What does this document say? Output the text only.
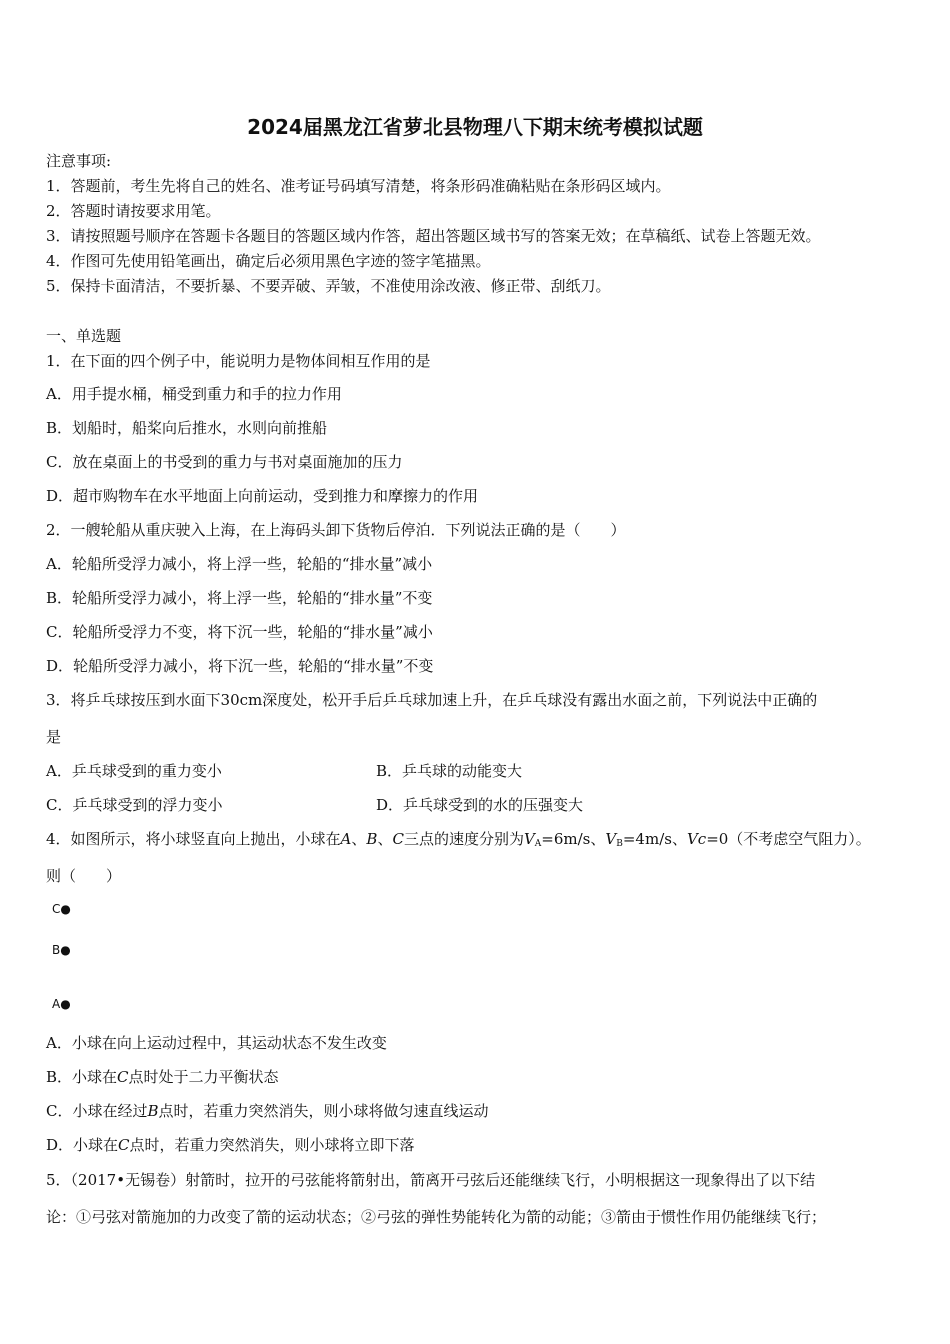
2024届黑龙江省萝北县物理八下期末统考模拟试题
注意事项:
1．答题前，考生先将自己的姓名、准考证号码填写清楚，将条形码准确粘贴在条形码区域内。
2．答题时请按要求用笔。
3．请按照题号顺序在答题卡各题目的答题区域内作答，超出答题区域书写的答案无效；在草稿纸、试卷上答题无效。
4．作图可先使用铅笔画出，确定后必须用黑色字迹的签字笔描黑。
5．保持卡面清洁，不要折暴、不要弄破、弄皱，不准使用涂改液、修正带、刮纸刀。
一、单选题
1．在下面的四个例子中，能说明力是物体间相互作用的是
A．用手提水桶，桶受到重力和手的拉力作用
B．划船时，船桨向后推水，水则向前推船
C．放在桌面上的书受到的重力与书对桌面施加的压力
D．超市购物车在水平地面上向前运动，受到推力和摩擦力的作用
2．一艘轮船从重庆驶入上海，在上海码头卸下货物后停泊．下列说法正确的是（　　）
A．轮船所受浮力减小，将上浮一些，轮船的“排水量”减小
B．轮船所受浮力减小，将上浮一些，轮船的“排水量”不变
C．轮船所受浮力不变，将下沉一些，轮船的“排水量”减小
D．轮船所受浮力减小，将下沉一些，轮船的“排水量”不变
3．将乒乓球按压到水面下30cm深度处，松开手后乒乓球加速上升，在乒乓球没有露出水面之前，下列说法中正确的
是
A．乒乓球受到的重力变小	B．乒乓球的动能变大
C．乒乓球受到的浮力变小	D．乒乓球受到的水的压强变大
4．如图所示，将小球竖直向上抛出，小球在A、B、C三点的速度分别为$V_A=6m/s$、$V_B=4m/s$、Vc=0（不考虑空气阻力）。
则（　　）
C●
B●
A●
A．小球在向上运动过程中，其运动状态不发生改变
B．小球在C点时处于二力平衡状态
C．小球在经过B点时，若重力突然消失，则小球将做匀速直线运动
D．小球在C点时，若重力突然消失，则小球将立即下落
5．（2017•无锡卷）射箭时，拉开的弓弦能将箭射出，箭离开弓弦后还能继续飞行，小明根据这一现象得出了以下结
论：①弓弦对箭施加的力改变了箭的运动状态；②弓弦的弹性势能转化为箭的动能；③箭由于惯性作用仍能继续飞行；
